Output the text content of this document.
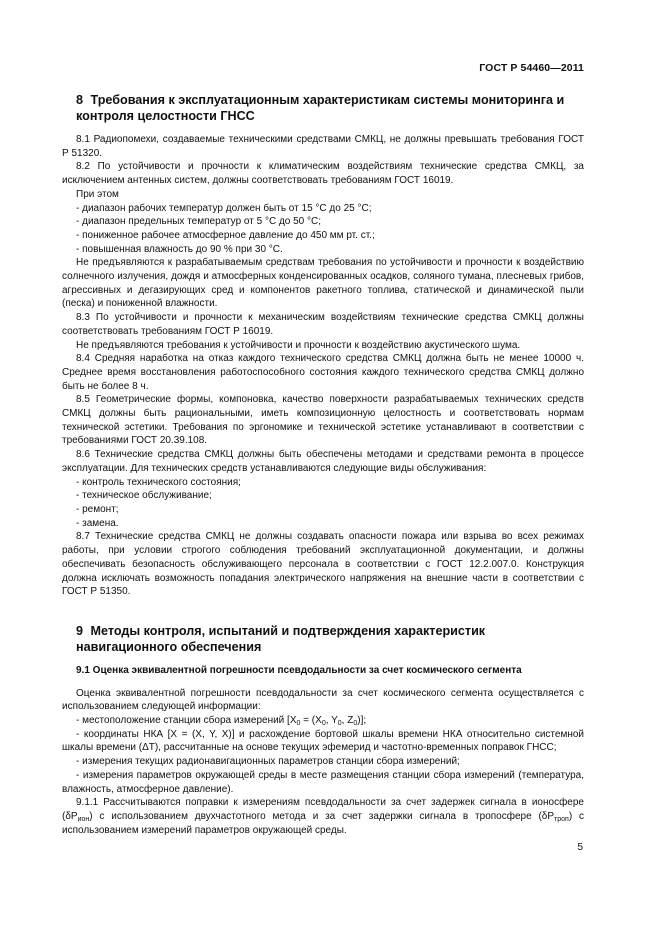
ГОСТ Р 54460—2011
8 Требования к эксплуатационным характеристикам системы мониторинга и контроля целостности ГНСС

8.1 Радиопомехи, создаваемые техническими средствами СМКЦ, не должны превышать требования ГОСТ Р 51320.

8.2 По устойчивости и прочности к климатическим воздействиям технические средства СМКЦ, за исключением антенных систем, должны соответствовать требованиям ГОСТ 16019.

При этом

- диапазон рабочих температур должен быть от 15 °С до 25 °С;

- диапазон предельных температур от 5 °С до 50 °С;

- пониженное рабочее атмосферное давление до 450 мм рт. ст.;

- повышенная влажность до 90 % при 30 °С.

Не предъявляются к разрабатываемым средствам требования по устойчивости и прочности к воздействию солнечного излучения, дождя и атмосферных конденсированных осадков, соляного тумана, плесневых грибов, агрессивных и дегазирующих сред и компонентов ракетного топлива, статической и динамической пыли (песка) и пониженной влажности.

8.3 По устойчивости и прочности к механическим воздействиям технические средства СМКЦ должны соответствовать требованиям ГОСТ Р 16019.

Не предъявляются требования к устойчивости и прочности к воздействию акустического шума.

8.4 Средняя наработка на отказ каждого технического средства СМКЦ должна быть не менее 10000 ч. Среднее время восстановления работоспособного состояния каждого технического средства СМКЦ должно быть не более 8 ч.

8.5 Геометрические формы, компоновка, качество поверхности разрабатываемых технических средств СМКЦ должны быть рациональными, иметь композиционную целостность и соответствовать нормам технической эстетики. Требования по эргономике и технической эстетике устанавливают в соответствии с требованиями ГОСТ 20.39.108.

8.6 Технические средства СМКЦ должны быть обеспечены методами и средствами ремонта в процессе эксплуатации. Для технических средств устанавливаются следующие виды обслуживания:

- контроль технического состояния;

- техническое обслуживание;

- ремонт;

- замена.

8.7 Технические средства СМКЦ не должны создавать опасности пожара или взрыва во всех режимах работы, при условии строгого соблюдения требований эксплуатационной документации, и должны обеспечивать безопасность обслуживающего персонала в соответствии с ГОСТ 12.2.007.0. Конструкция должна исключать возможность попадания электрического напряжения на внешние части в соответствии с ГОСТ Р 51350.

9 Методы контроля, испытаний и подтверждения характеристик навигационного обеспечения
9.1 Оценка эквивалентной погрешности псевдодальности за счет космического сегмента

Оценка эквивалентной погрешности псевдодальности за счет космического сегмента осуществляется с использованием следующей информации:

- местоположение станции сбора измерений [$X_0 = (X_0$, $Y_0$, $Z_0$)];

- координаты НКА [X = (X, Y, X)] и расхождение бортовой шкалы времени НКА относительно системной шкалы времени (ΔT), рассчитанные на основе текущих эфемерид и частотно-временных поправок ГНСС;

- измерения текущих радионавигационных параметров станции сбора измерений;

- измерения параметров окружающей среды в месте размещения станции сбора измерений (температура, влажность, атмосферное давление).

9.1.1 Рассчитываются поправки к измерениям псевдодальности за счет задержек сигнала в ионосфере $(\delta P_{ион})$ с использованием двухчастотного метода и за счет задержки сигнала в тропосфере $(\delta P_{троп})$ с использованием измерений параметров окружающей среды.

5
